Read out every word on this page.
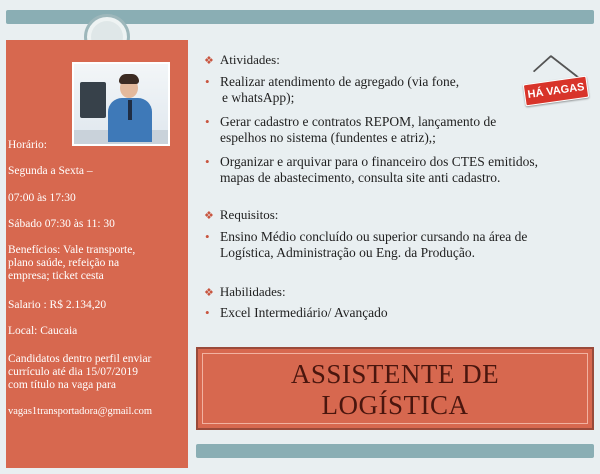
Horário:
Segunda a Sexta –
07:00 às 17:30
Sábado 07:30 às 11: 30
Benefícios: Vale transporte,
plano saúde, refeição na
empresa; ticket cesta
Salario : R$ 2.134,20
Local: Caucaia
Candidatos dentro perfil enviar
currículo até dia 15/07/2019
com título na vaga para
vagas1transportadora@gmail.com
HÁ VAGAS
❖ Atividades:
• Realizar atendimento de agregado (via fone,
e whatsApp);
• Gerar cadastro e contratos REPOM, lançamento de
espelhos no sistema (fundentes e atriz),;
• Organizar e arquivar para o financeiro dos CTES emitidos,
mapas de abastecimento, consulta site anti cadastro.
❖ Requisitos:
• Ensino Médio concluído ou superior cursando na área de
Logística, Administração ou Eng. da Produção.
❖ Habilidades:
• Excel Intermediário/ Avançado
ASSISTENTE DE
LOGÍSTICA
